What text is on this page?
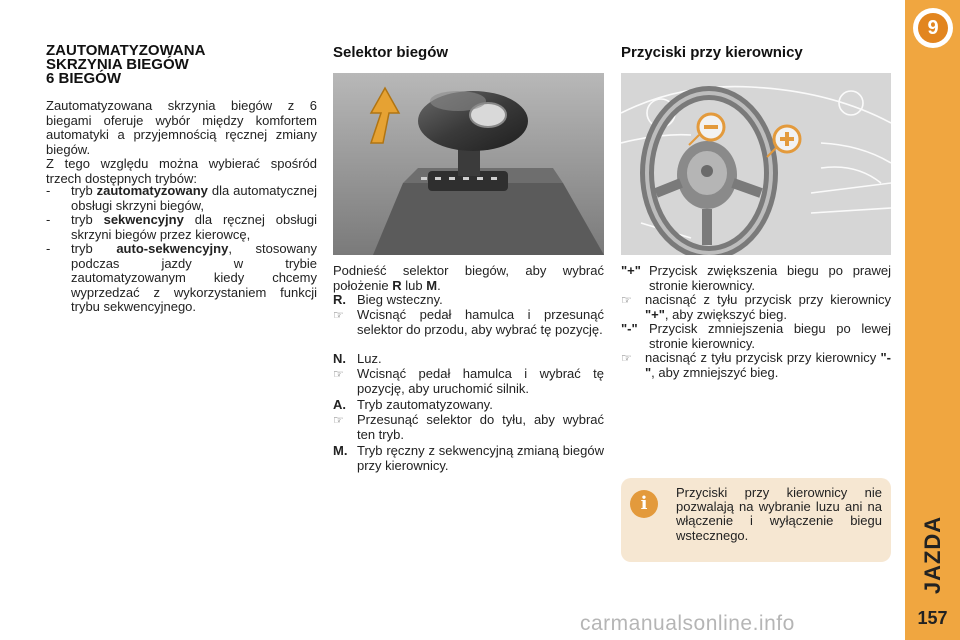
9
JAZDA
157
ZAUTOMATYZOWANA
SKRZYNIA BIEGÓW
6 BIEGÓW
Zautomatyzowana skrzynia biegów z 6 biegami oferuje wybór między komfortem automatyki a przyjemnością ręcznej zmiany biegów.
Z tego względu można wybierać spośród trzech dostępnych trybów:
- tryb zautomatyzowany dla automatycznej obsługi skrzyni biegów,
- tryb sekwencyjny dla ręcznej obsługi skrzyni biegów przez kierowcę,
- tryb auto-sekwencyjny, stosowany podczas jazdy w trybie zautomatyzowanym kiedy chcemy wyprzedzać z wykorzystaniem funkcji trybu sekwencyjnego.
Selektor biegów
Podnieść selektor biegów, aby wybrać położenie R lub M.
R. Bieg wsteczny.
☞ Wcisnąć pedał hamulca i przesunąć selektor do przodu, aby wybrać tę pozycję.
N. Luz.
☞ Wcisnąć pedał hamulca i wybrać tę pozycję, aby uruchomić silnik.
A. Tryb zautomatyzowany.
☞ Przesunąć selektor do tyłu, aby wybrać ten tryb.
M. Tryb ręczny z sekwencyjną zmianą biegów przy kierownicy.
Przyciski przy kierownicy
"+" Przycisk zwiększenia biegu po prawej stronie kierownicy.
☞ nacisnąć z tyłu przycisk przy kierownicy "+", aby zwiększyć bieg.
"-" Przycisk zmniejszenia biegu po lewej stronie kierownicy.
☞ nacisnąć z tyłu przycisk przy kierownicy "-", aby zmniejszyć bieg.
i
Przyciski przy kierownicy nie pozwalają na wybranie luzu ani na włączenie i wyłączenie biegu wstecznego.
carmanualsonline.info
